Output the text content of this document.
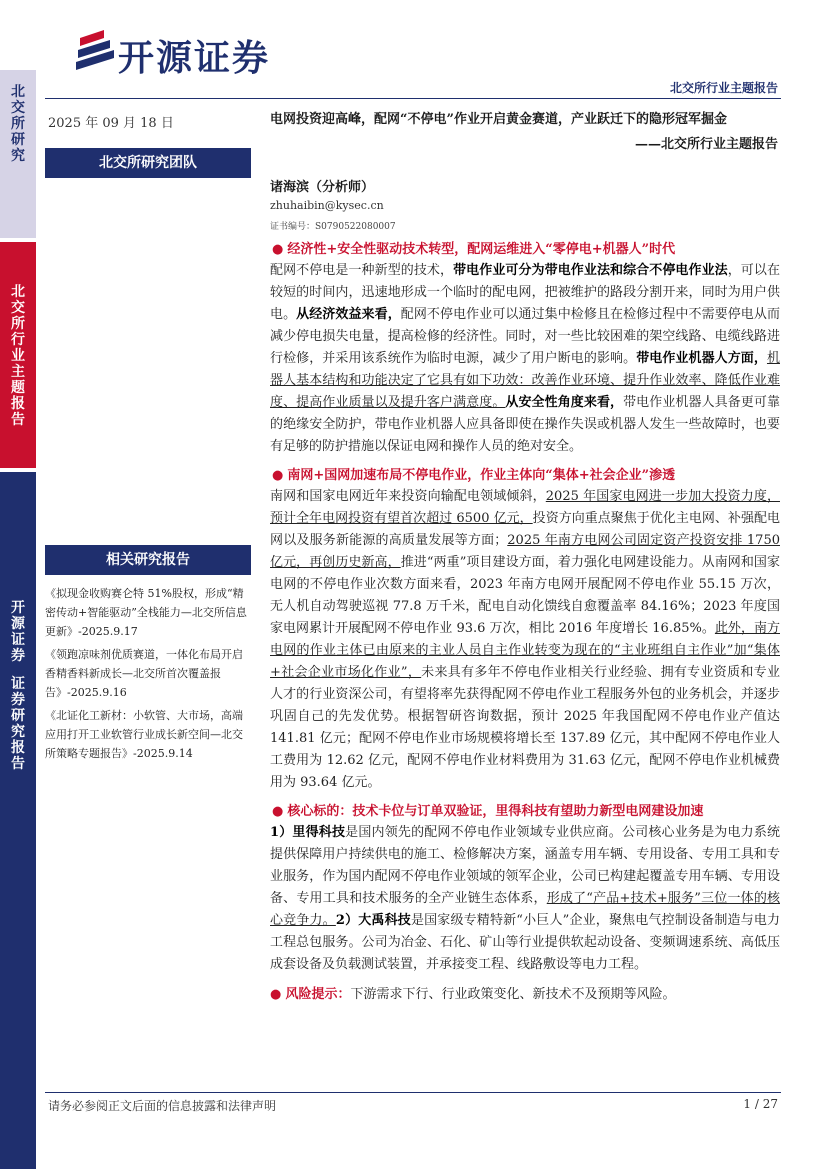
开源证券
北
交
所
研
究
北
交
所
行
业
主
题
报
告
开
源
证
券
证
券
研
究
报
告
北交所行业主题报告
2025 年 09 月 18 日	电网投资迎高峰，配网“不停电”作业开启黄金赛道，产业跃迁下的隐形冠军掘金
——北交所行业主题报告
北交所研究团队
诸海滨（分析师）
zhuhaibin@kysec.cn
证书编号：S0790522080007
相关研究报告
《拟现金收购赛仑特 51%股权，形成“精密传动+智能驱动”全栈能力—北交所信息更新》-2025.9.17
《领跑凉味剂优质赛道，一体化布局开启香精香料新成长—北交所首次覆盖报告》-2025.9.16
《北证化工新材：小软管、大市场，高端应用打开工业软管行业成长新空间—北交所策略专题报告》-2025.9.14
● 经济性+安全性驱动技术转型，配网运维进入“零停电+机器人”时代

配网不停电是一种新型的技术，带电作业可分为带电作业法和综合不停电作业法，可以在较短的时间内，迅速地形成一个临时的配电网，把被维护的路段分割开来，同时为用户供电。从经济效益来看，配网不停电作业可以通过集中检修且在检修过程中不需要停电从而减少停电损失电量，提高检修的经济性。同时，对一些比较困难的架空线路、电缆线路进行检修，并采用该系统作为临时电源，减少了用户断电的影响。带电作业机器人方面，机器人基本结构和功能决定了它具有如下功效：改善作业环境、提升作业效率、降低作业难度、提高作业质量以及提升客户满意度。从安全性角度来看，带电作业机器人具备更可靠的绝缘安全防护，带电作业机器人应具备即使在操作失误或机器人发生一些故障时，也要有足够的防护措施以保证电网和操作人员的绝对安全。

● 南网+国网加速布局不停电作业，作业主体向“集体+社会企业”渗透

南网和国家电网近年来投资向输配电领域倾斜，2025 年国家电网进一步加大投资力度，预计全年电网投资有望首次超过 6500 亿元，投资方向重点聚焦于优化主电网、补强配电网以及服务新能源的高质量发展等方面；2025 年南方电网公司固定资产投资安排 1750 亿元，再创历史新高，推进“两重”项目建设方面，着力强化电网建设能力。从南网和国家电网的不停电作业次数方面来看，2023 年南方电网开展配网不停电作业 55.15 万次，无人机自动驾驶巡视 77.8 万千米，配电自动化馈线自愈覆盖率 84.16%；2023 年度国家电网累计开展配网不停电作业 93.6 万次，相比 2016 年度增长 16.85%。此外，南方电网的作业主体已由原来的主业人员自主作业转变为现在的“主业班组自主作业”加“集体+社会企业市场化作业”，未来具有多年不停电作业相关行业经验、拥有专业资质和专业人才的行业资深公司，有望将率先获得配网不停电作业工程服务外包的业务机会，并逐步巩固自己的先发优势。根据智研咨询数据，预计 2025 年我国配网不停电作业产值达 141.81 亿元；配网不停电作业市场规模将增长至 137.89 亿元，其中配网不停电作业人工费用为 12.62 亿元，配网不停电作业材料费用为 31.63 亿元，配网不停电作业机械费用为 93.64 亿元。

● 核心标的：技术卡位与订单双验证，里得科技有望助力新型电网建设加速

1）里得科技是国内领先的配网不停电作业领域专业供应商。公司核心业务是为电力系统提供保障用户持续供电的施工、检修解决方案，涵盖专用车辆、专用设备、专用工具和专业服务，作为国内配网不停电作业领域的领军企业，公司已构建起覆盖专用车辆、专用设备、专用工具和技术服务的全产业链生态体系，形成了“产品+技术+服务”三位一体的核心竞争力。2）大禹科技是国家级专精特新“小巨人”企业，聚焦电气控制设备制造与电力工程总包服务。公司为冶金、石化、矿山等行业提供软起动设备、变频调速系统、高低压成套设备及负载测试装置，并承接变工程、线路敷设等电力工程。

● 风险提示：下游需求下行、行业政策变化、新技术不及预期等风险。
请务必参阅正文后面的信息披露和法律声明	1 / 27
